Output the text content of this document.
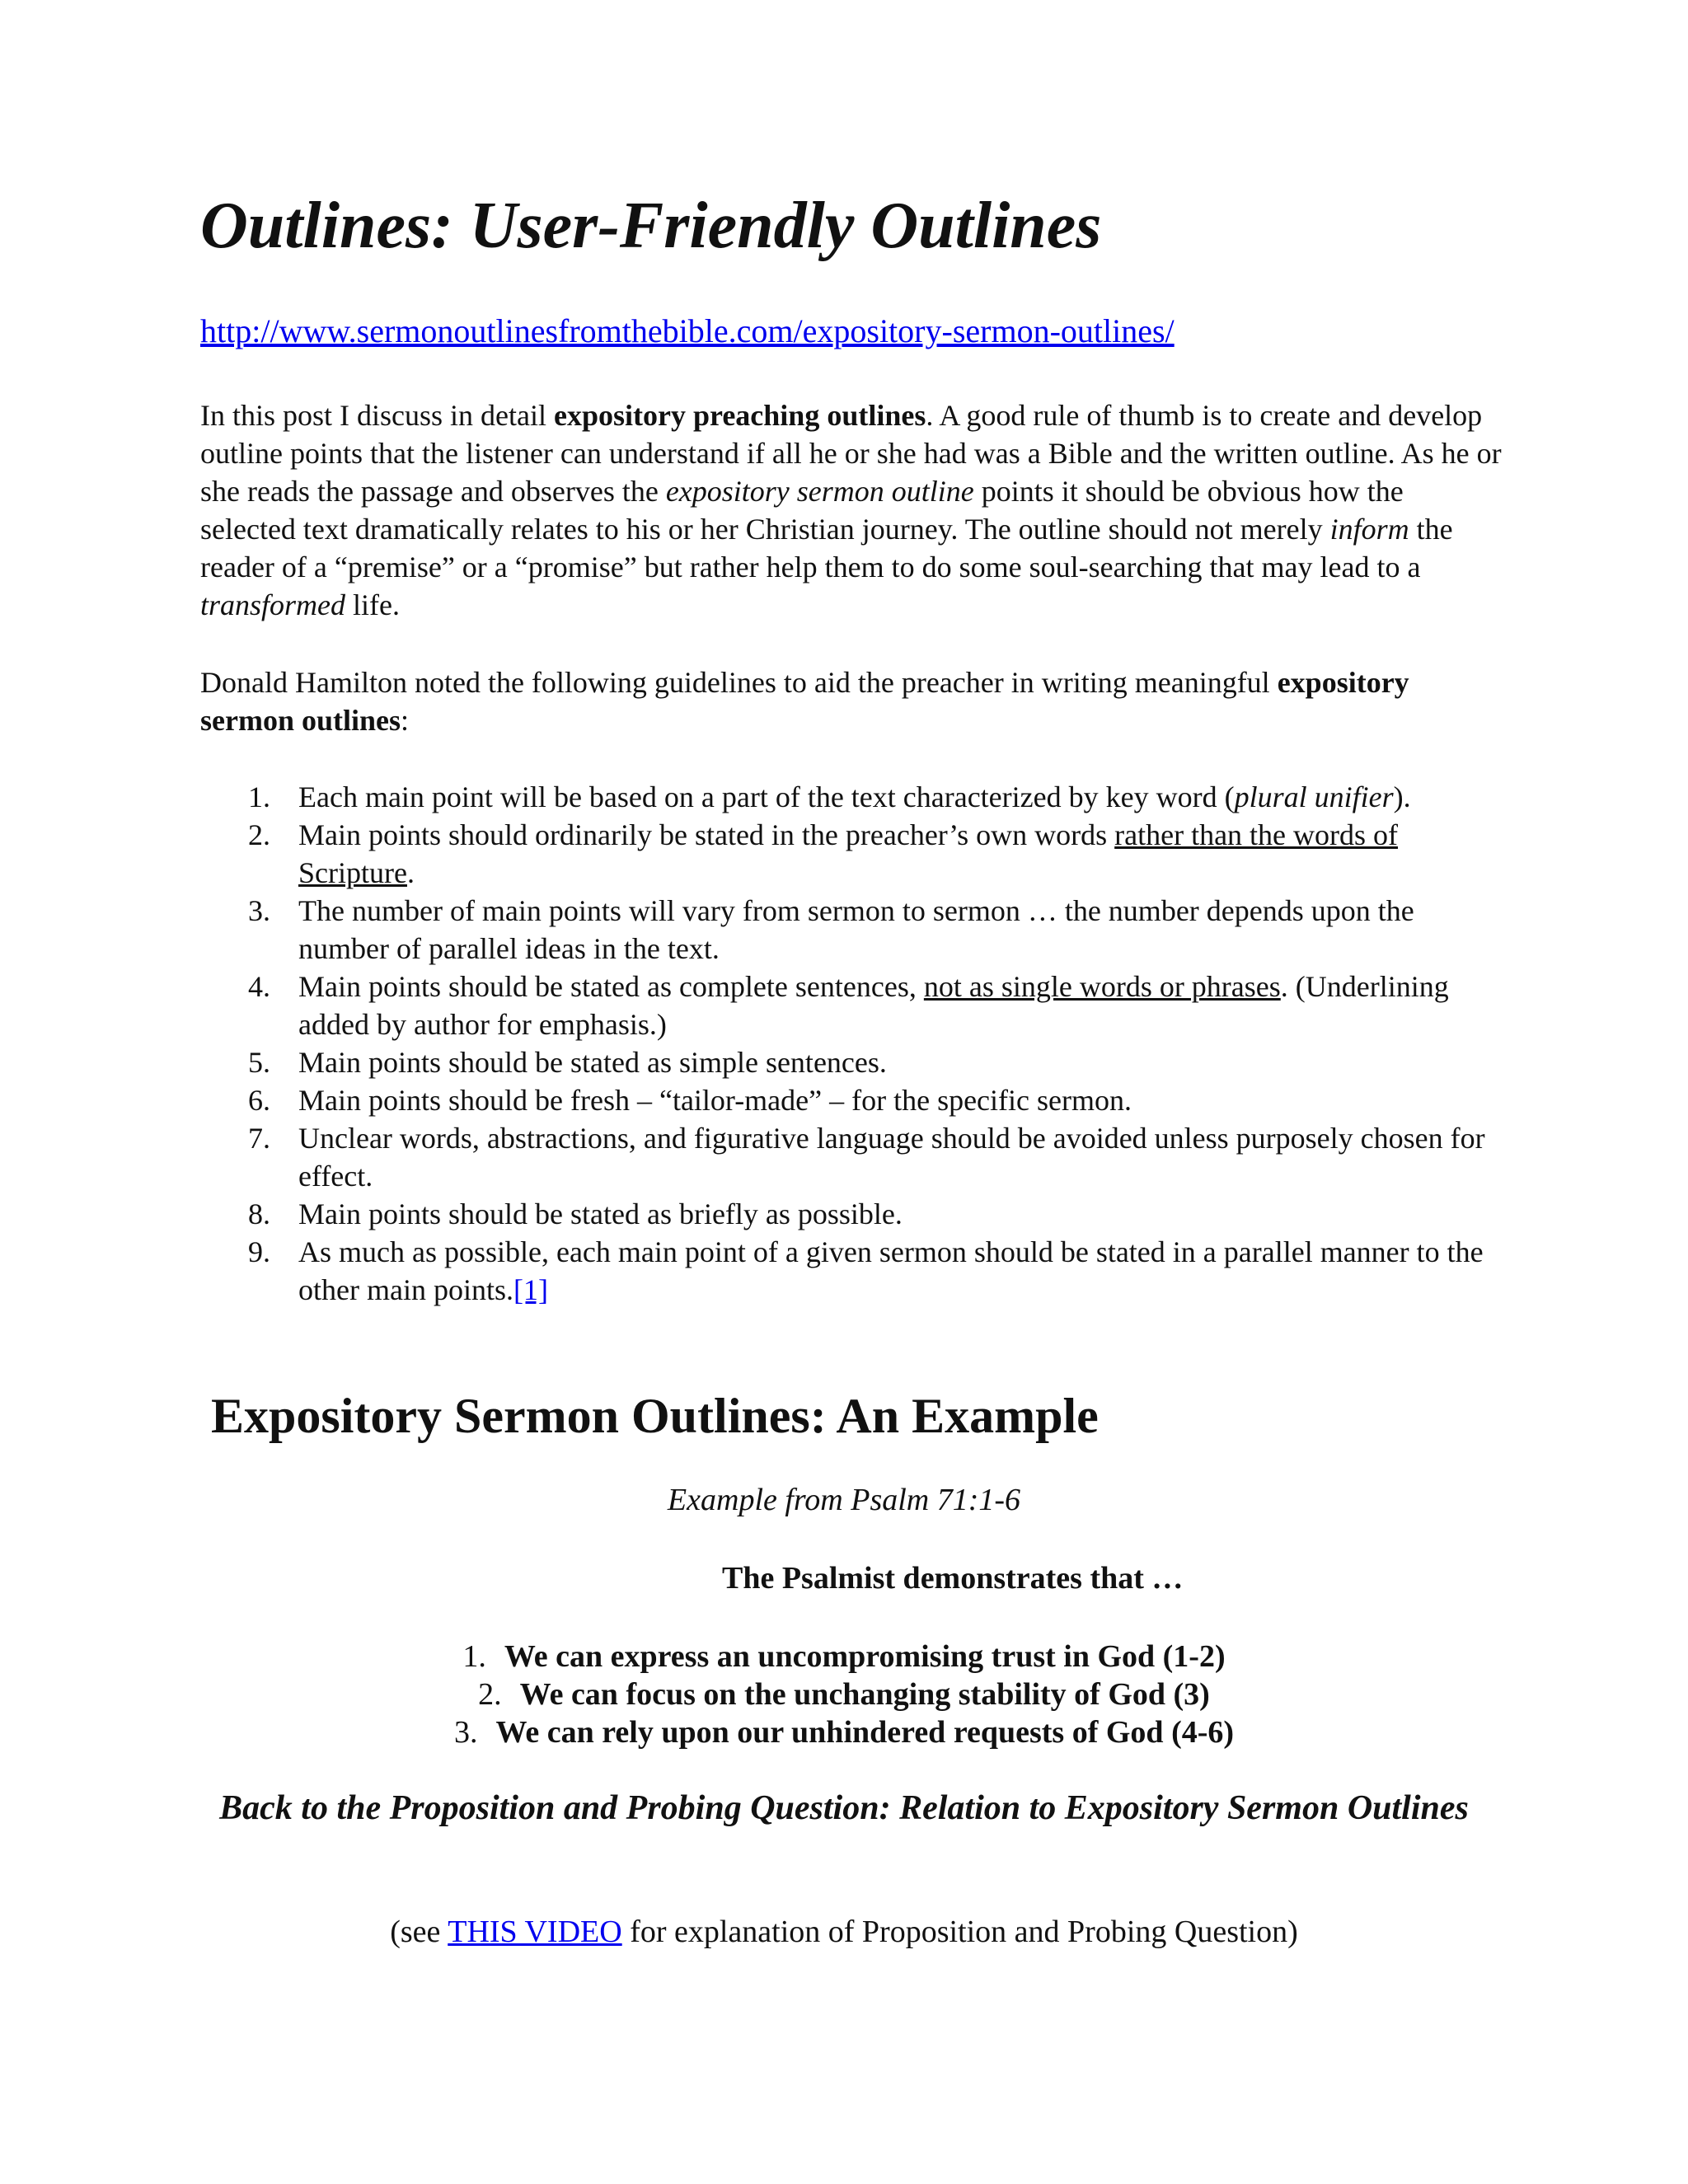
Outlines: User-Friendly Outlines
http://www.sermonoutlinesfromthebible.com/expository-sermon-outlines/

In this post I discuss in detail expository preaching outlines. A good rule of thumb is to create and develop outline points that the listener can understand if all he or she had was a Bible and the written outline. As he or she reads the passage and observes the expository sermon outline points it should be obvious how the selected text dramatically relates to his or her Christian journey. The outline should not merely inform the reader of a “premise” or a “promise” but rather help them to do some soul-searching that may lead to a transformed life.

Donald Hamilton noted the following guidelines to aid the preacher in writing meaningful expository sermon outlines:

1. Each main point will be based on a part of the text characterized by key word (plural unifier).
2. Main points should ordinarily be stated in the preacher’s own words rather than the words of Scripture.
3. The number of main points will vary from sermon to sermon … the number depends upon the number of parallel ideas in the text.
4. Main points should be stated as complete sentences, not as single words or phrases. (Underlining added by author for emphasis.)
5. Main points should be stated as simple sentences.
6. Main points should be fresh – “tailor-made” – for the specific sermon.
7. Unclear words, abstractions, and figurative language should be avoided unless purposely chosen for effect.
8. Main points should be stated as briefly as possible.
9. As much as possible, each main point of a given sermon should be stated in a parallel manner to the other main points.[1]
Expository Sermon Outlines: An Example
Example from Psalm 71:1-6
The Psalmist demonstrates that …
1. We can express an uncompromising trust in God (1-2)
2. We can focus on the unchanging stability of God (3)
3. We can rely upon our unhindered requests of God (4-6)

Back to the Proposition and Probing Question: Relation to Expository Sermon Outlines

(see THIS VIDEO for explanation of Proposition and Probing Question)
